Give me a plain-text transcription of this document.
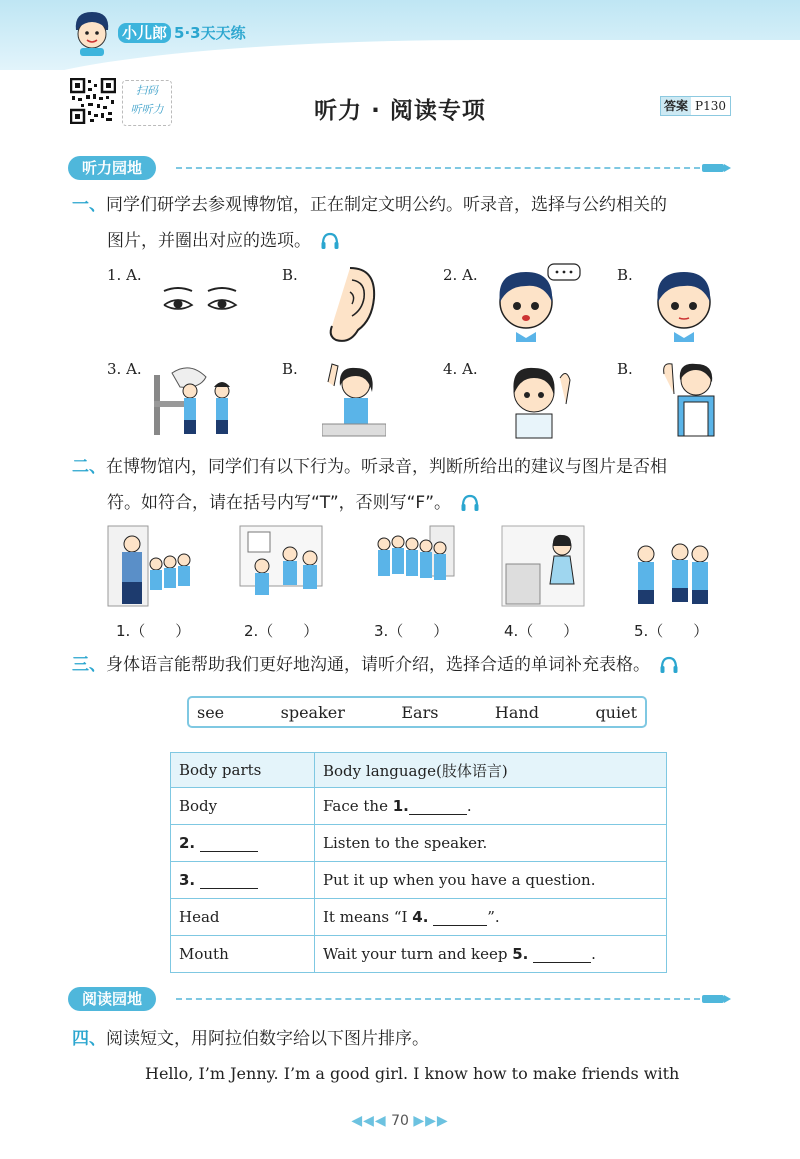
小儿郎 5·3天天练
扫码
听听力	听力 · 阅读专项	答案 P130
听力园地
一、同学们研学去参观博物馆，正在制定文明公约。听录音，选择与公约相关的
图片，并圈出对应的选项。
1. A.	B.	2. A.	B.
3. A.	B.	4. A.	B.
二、在博物馆内，同学们有以下行为。听录音，判断所给出的建议与图片是否相
符。如符合，请在括号内写“T”，否则写“F”。
1.（　　）	2.（　　）	3.（　　）	4.（　　）	5.（　　）
三、身体语言能帮助我们更好地沟通，请听介绍，选择合适的单词补充表格。
see	speaker	Ears	Hand	quiet
Body parts	Body language(肢体语言)
Body	Face the 1. .
2.	Listen to the speaker.
3.	Put it up when you have a question.
Head	It means “I 4. ”.
Mouth	Wait your turn and keep 5. .
阅读园地
四、阅读短文，用阿拉伯数字给以下图片排序。
Hello, I’m Jenny. I’m a good girl. I know how to make friends with
◀◀◀ 70 ▶▶▶
